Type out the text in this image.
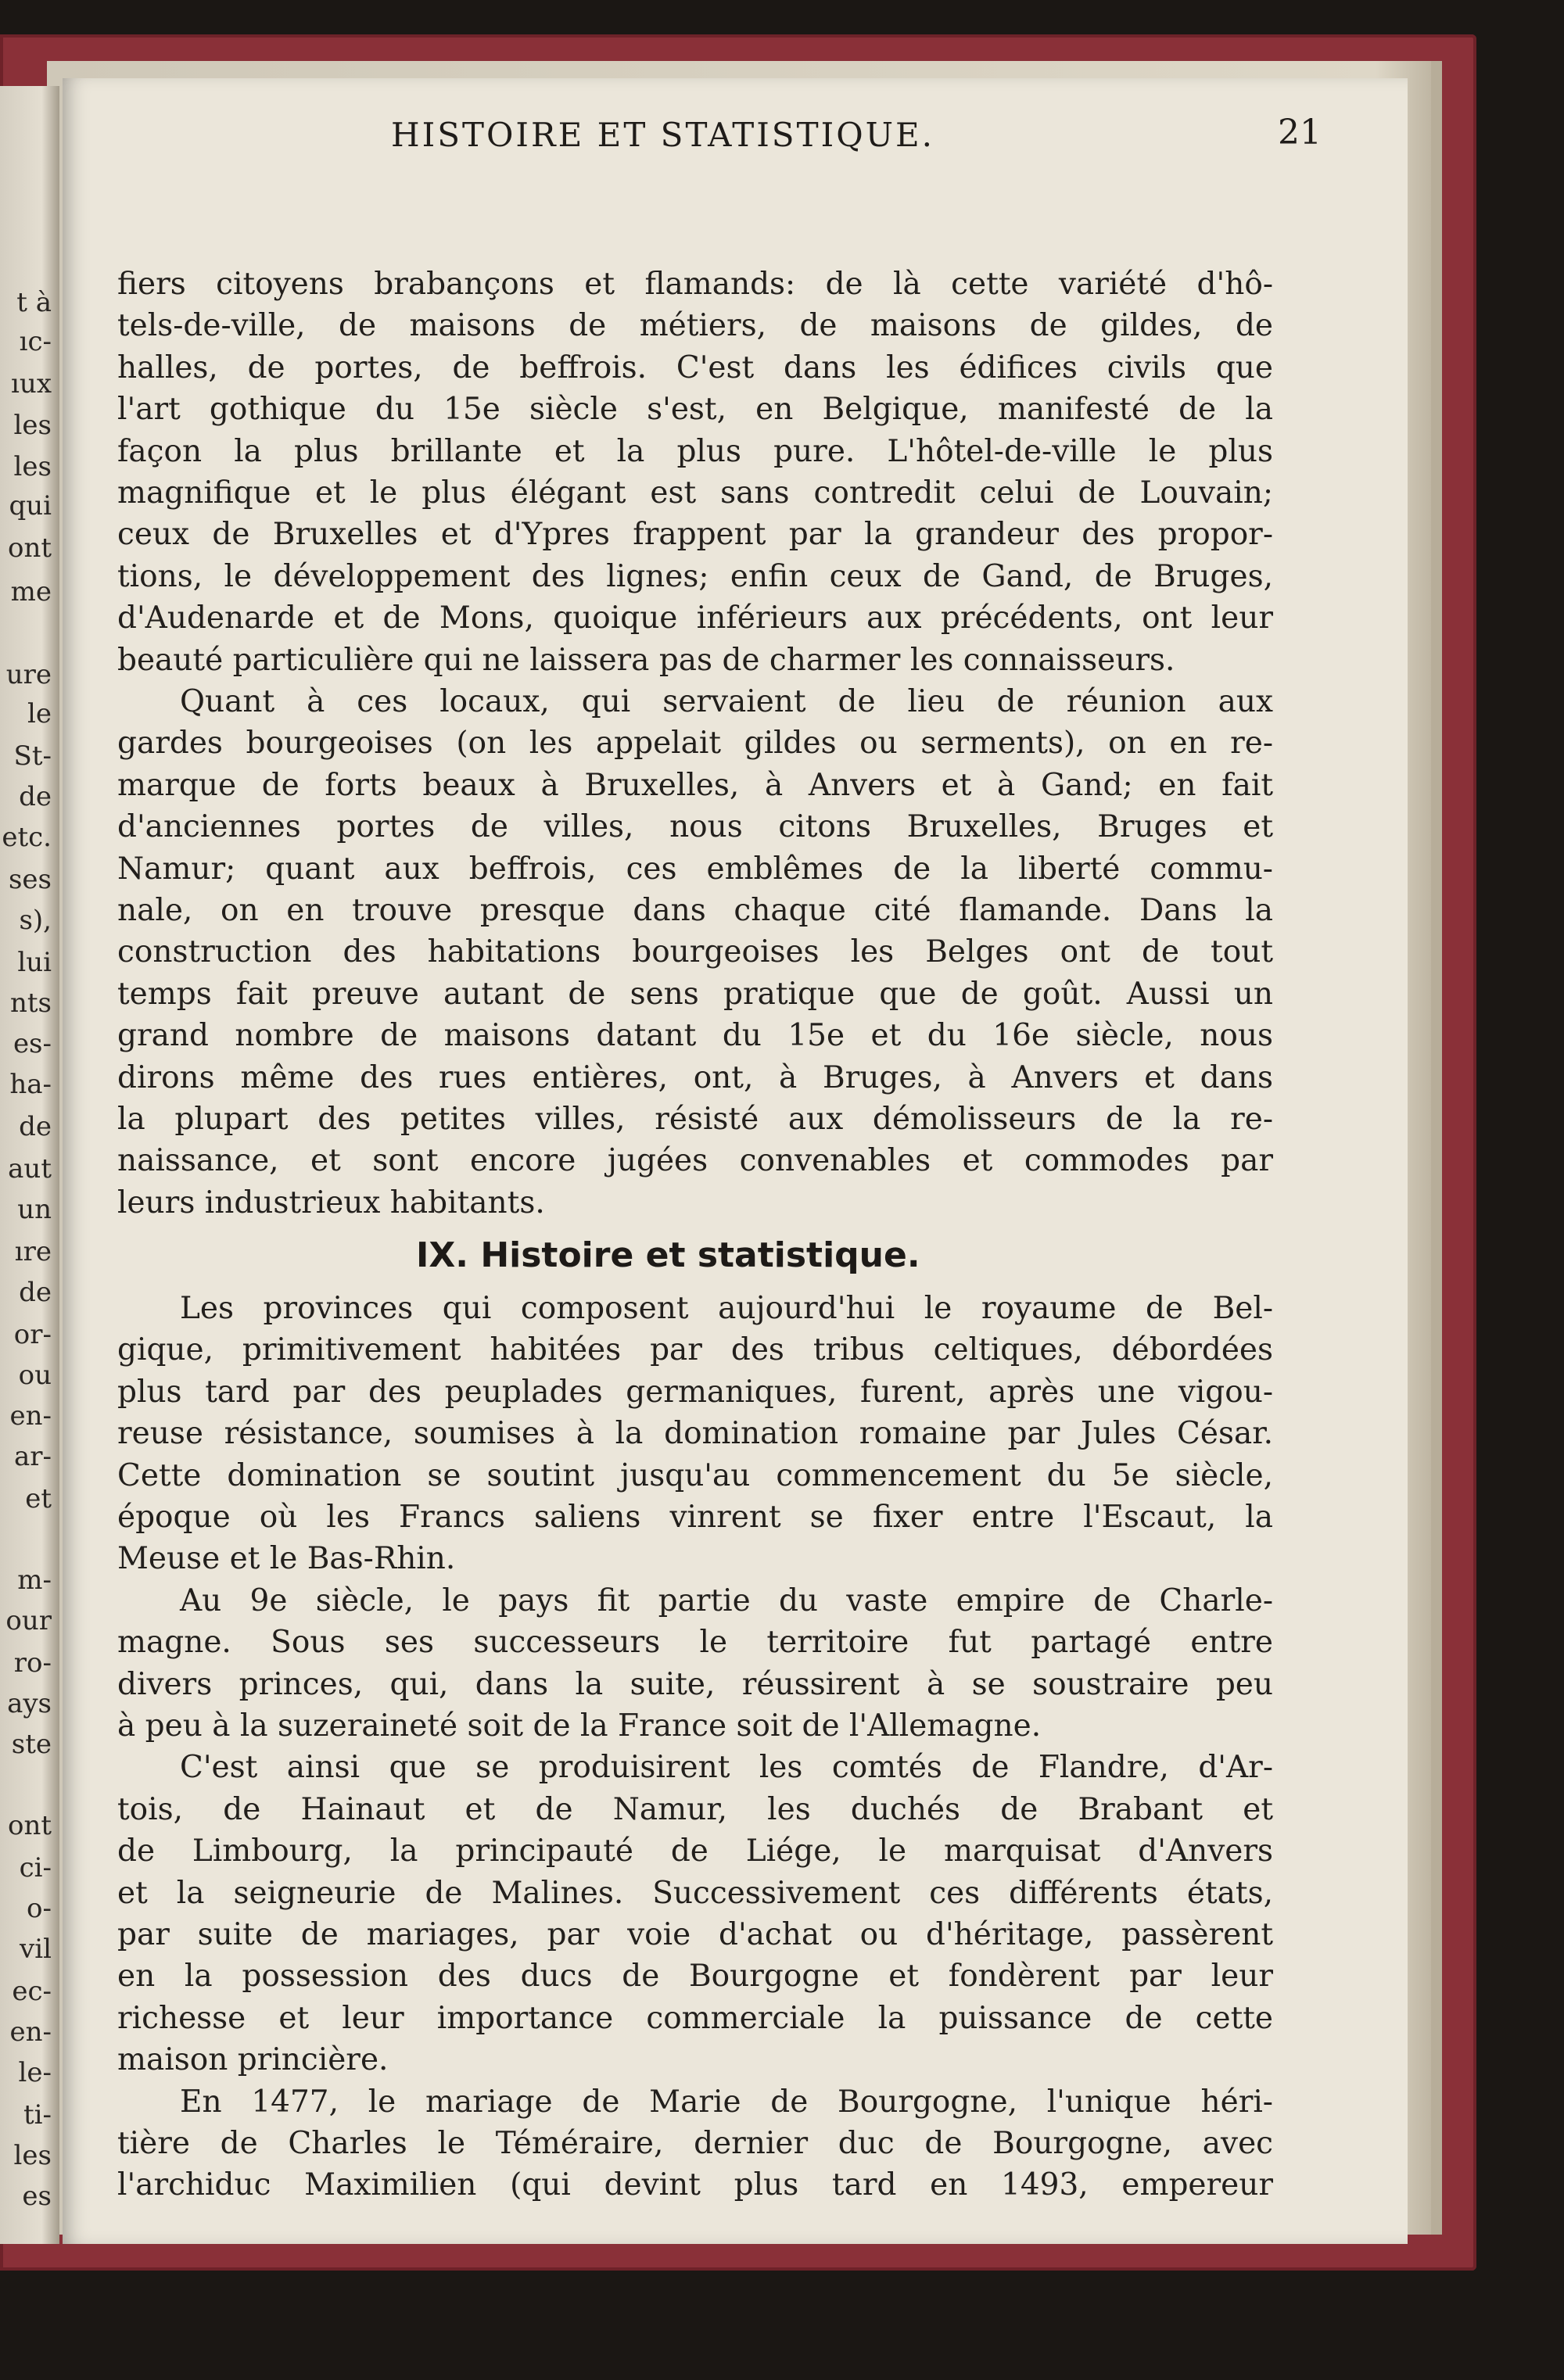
t à
ıc-
ıux
les
les
qui
ont
me
ure
le
St-
de
etc.
ses
s),
lui
nts
es-
ha-
de
aut
un
ıre
de
or-
ou
en-
ar-
et
m-
our
ro-
ays
ste
ont
ci-
o-
vil
ec-
en-
le-
ti-
les
es
HISTOIRE ET STATISTIQUE.	21
fiers citoyens brabançons et flamands: de là cette variété d'hô-
tels-de-ville, de maisons de métiers, de maisons de gildes, de
halles, de portes, de beffrois. C'est dans les édifices civils que
l'art gothique du 15e siècle s'est, en Belgique, manifesté de la
façon la plus brillante et la plus pure. L'hôtel-de-ville le plus
magnifique et le plus élégant est sans contredit celui de Louvain;
ceux de Bruxelles et d'Ypres frappent par la grandeur des propor-
tions, le développement des lignes; enfin ceux de Gand, de Bruges,
d'Audenarde et de Mons, quoique inférieurs aux précédents, ont leur
beauté particulière qui ne laissera pas de charmer les connaisseurs.
Quant à ces locaux, qui servaient de lieu de réunion aux
gardes bourgeoises (on les appelait gildes ou serments), on en re-
marque de forts beaux à Bruxelles, à Anvers et à Gand; en fait
d'anciennes portes de villes, nous citons Bruxelles, Bruges et
Namur; quant aux beffrois, ces emblêmes de la liberté commu-
nale, on en trouve presque dans chaque cité flamande. Dans la
construction des habitations bourgeoises les Belges ont de tout
temps fait preuve autant de sens pratique que de goût. Aussi un
grand nombre de maisons datant du 15e et du 16e siècle, nous
dirons même des rues entières, ont, à Bruges, à Anvers et dans
la plupart des petites villes, résisté aux démolisseurs de la re-
naissance, et sont encore jugées convenables et commodes par
leurs industrieux habitants.
Les provinces qui composent aujourd'hui le royaume de Bel-
gique, primitivement habitées par des tribus celtiques, débordées
plus tard par des peuplades germaniques, furent, après une vigou-
reuse résistance, soumises à la domination romaine par Jules César.
Cette domination se soutint jusqu'au commencement du 5e siècle,
époque où les Francs saliens vinrent se fixer entre l'Escaut, la
Meuse et le Bas-Rhin.
Au 9e siècle, le pays fit partie du vaste empire de Charle-
magne. Sous ses successeurs le territoire fut partagé entre
divers princes, qui, dans la suite, réussirent à se soustraire peu
à peu à la suzeraineté soit de la France soit de l'Allemagne.
C'est ainsi que se produisirent les comtés de Flandre, d'Ar-
tois, de Hainaut et de Namur, les duchés de Brabant et
de Limbourg, la principauté de Liége, le marquisat d'Anvers
et la seigneurie de Malines. Successivement ces différents états,
par suite de mariages, par voie d'achat ou d'héritage, passèrent
en la possession des ducs de Bourgogne et fondèrent par leur
richesse et leur importance commerciale la puissance de cette
maison princière.
En 1477, le mariage de Marie de Bourgogne, l'unique héri-
tière de Charles le Téméraire, dernier duc de Bourgogne, avec
l'archiduc Maximilien (qui devint plus tard en 1493, empereur
IX. Histoire et statistique.
